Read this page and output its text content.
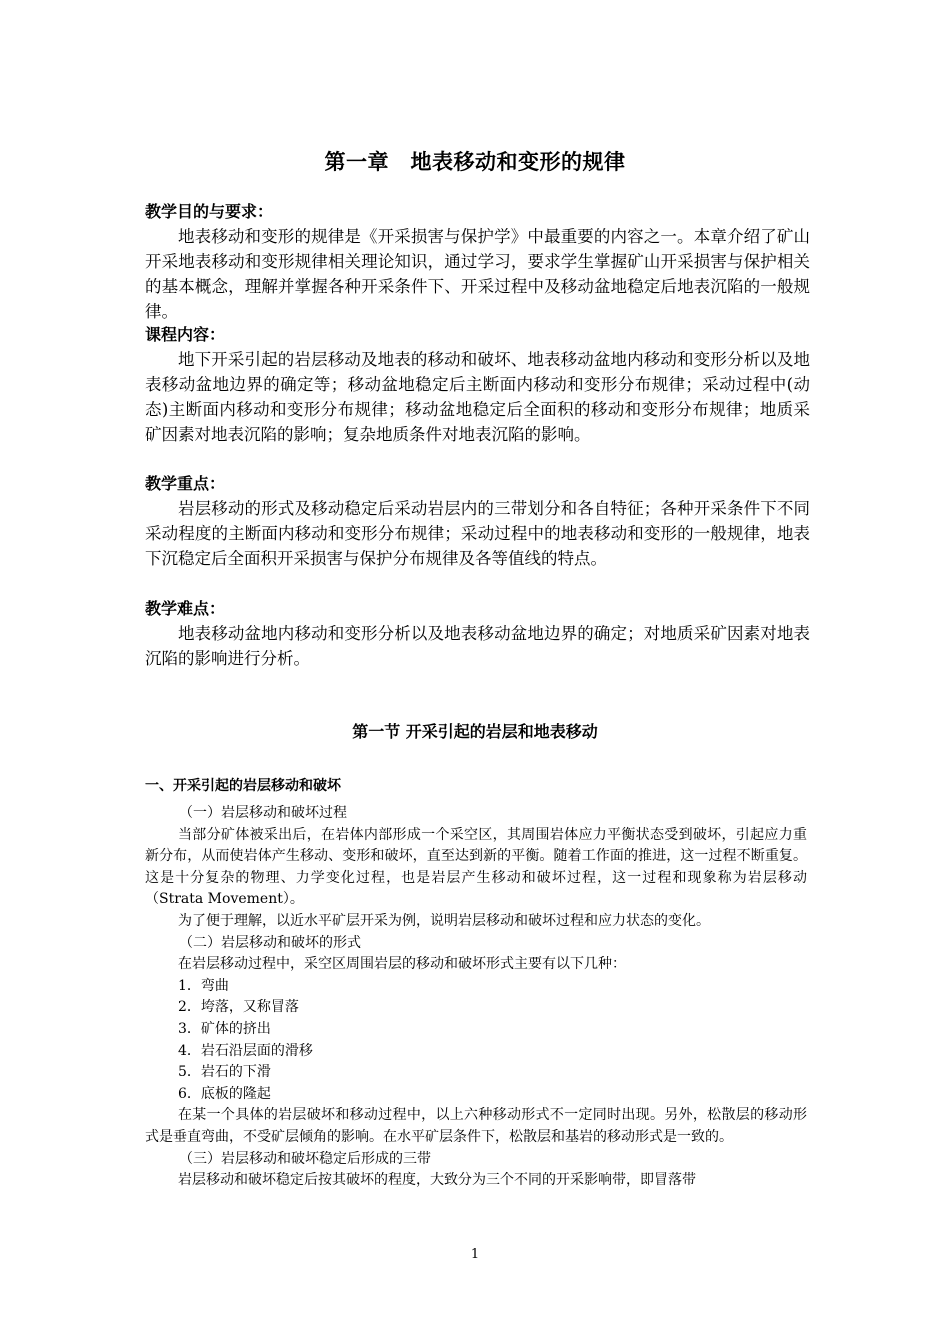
第一章　地表移动和变形的规律
教学目的与要求：
地表移动和变形的规律是《开采损害与保护学》中最重要的内容之一。本章介绍了矿山开采地表移动和变形规律相关理论知识，通过学习，要求学生掌握矿山开采损害与保护相关的基本概念，理解并掌握各种开采条件下、开采过程中及移动盆地稳定后地表沉陷的一般规律。
课程内容：
地下开采引起的岩层移动及地表的移动和破坏、地表移动盆地内移动和变形分析以及地表移动盆地边界的确定等；移动盆地稳定后主断面内移动和变形分布规律；采动过程中(动态)主断面内移动和变形分布规律；移动盆地稳定后全面积的移动和变形分布规律；地质采矿因素对地表沉陷的影响；复杂地质条件对地表沉陷的影响。
教学重点：
岩层移动的形式及移动稳定后采动岩层内的三带划分和各自特征；各种开采条件下不同采动程度的主断面内移动和变形分布规律；采动过程中的地表移动和变形的一般规律，地表下沉稳定后全面积开采损害与保护分布规律及各等值线的特点。
教学难点：
地表移动盆地内移动和变形分析以及地表移动盆地边界的确定；对地质采矿因素对地表沉陷的影响进行分析。
第一节 开采引起的岩层和地表移动
一、开采引起的岩层移动和破坏

（一）岩层移动和破坏过程

当部分矿体被采出后，在岩体内部形成一个采空区，其周围岩体应力平衡状态受到破坏，引起应力重新分布，从而使岩体产生移动、变形和破坏，直至达到新的平衡。随着工作面的推进，这一过程不断重复。这是十分复杂的物理、力学变化过程，也是岩层产生移动和破坏过程，这一过程和现象称为岩层移动（Strata Movement）。

为了便于理解，以近水平矿层开采为例，说明岩层移动和破坏过程和应力状态的变化。

（二）岩层移动和破坏的形式

在岩层移动过程中，采空区周围岩层的移动和破坏形式主要有以下几种：

1．弯曲

2．垮落，又称冒落

3．矿体的挤出

4．岩石沿层面的滑移

5．岩石的下滑

6．底板的隆起

在某一个具体的岩层破坏和移动过程中，以上六种移动形式不一定同时出现。另外，松散层的移动形式是垂直弯曲，不受矿层倾角的影响。在水平矿层条件下，松散层和基岩的移动形式是一致的。

（三）岩层移动和破坏稳定后形成的三带

岩层移动和破坏稳定后按其破坏的程度，大致分为三个不同的开采影响带，即冒落带

1
